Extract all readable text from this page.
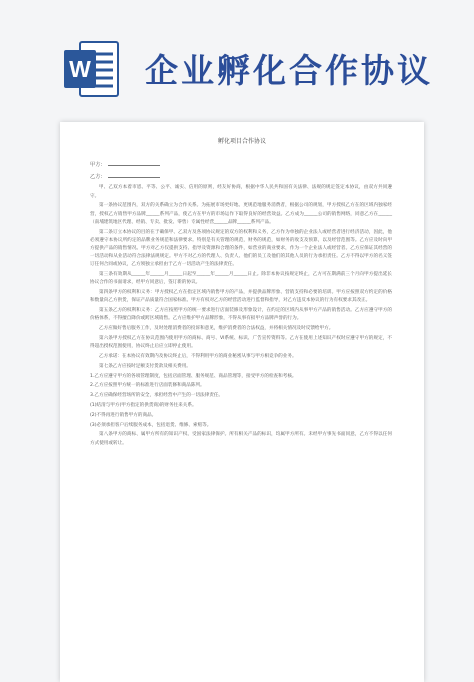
W 企业孵化合作协议
孵化项目合作协议
甲方：
乙方：

甲、乙双方本着市恩、平等、公平、诚实、信用的原则，经友好协商，根据中华人民共和国有关法律、法规的规定签定本协议，由双方共同遵守。

第一条协议范围内，双方的关系确立为合作关系。为拓展市场更好地、更规范地服务消费者，根据公司的规划，甲方授权乙方在的区域内独家经营，授权乙方销售甲方品牌______系列产品，使乙方在甲方的市场运作下取得良好的经营效益。乙方成为______公司的销售网络，同意乙方在______（南埔建筑地区代理、经销、专卖、批发、零售）专属性经营______品牌______系列产品。

第二条订立本协议的目的在于确保甲、乙双方及各项协议规定的双方的权利和义务，乙方作为单独的企业法人或经营者进行经济活动，因此，他必须遵守本协议所约定的品牌业务规范和法律要求。特别是有关管理的规范，财务的规范，如财务的收支及预算，以及经营范围等。乙方应及时向甲方提供产品的销售情况。甲方对乙方仅提供支持、指导及资源和合理的条件，如营业的商业要求，作为一个企业法人或经营者。乙方应保证其经营的一切活动和从业活动符合法律法规规定。甲方不对乙方的代理人、负责人、他们的员工及他们的其他人员的行为承担责任。乙方不得以甲方的名义签订任何合同或协议，乙方须独立承担由于乙方一切活动产生的法律责任。

第三条有效期从______年______月______日起至______年______月______日止。除非本协议按规定终止，乙方可在期满前三个月向甲方提出延长协议合作的书面请求，经甲方同意后，签订新的协议。

第四条甲方的权利和义务：甲方授权乙方在指定区域内销售甲方的产品，并提供品牌形象、营销支持和必要的培训。甲方应按照双方约定的价格和数量向乙方供货，保证产品质量符合国家标准。甲方有权对乙方的经营活动进行监督和指导，对乙方违反本协议的行为有权要求其改正。

第五条乙方的权利和义务：乙方应按照甲方的统一要求进行店面装修及形象设计，在约定的区域内从事甲方产品的销售活动。乙方应遵守甲方的价格体系，不得擅自降价或跨区域销售。乙方应维护甲方品牌形象，不得从事有损甲方品牌声誉的行为。

乙方应做好售后服务工作，及时处理消费者的投诉和意见，维护消费者的合法权益，并将相关情况及时反馈给甲方。

第六条甲方授权乙方在协议范围内使用甲方的商标、商号、VI系统、标识、广告宣传资料等。乙方在使用上述知识产权时应遵守甲方的规定，不得超出授权范围使用，协议终止后应立即停止使用。

乙方承诺：在本协议有效期内及协议终止后，不得利用甲方的商业秘密从事与甲方相竞争的业务。

第七条乙方应按时足额支付货款及相关费用。

1.乙方应遵守甲方的各项管理制度，包括店面管理、服务规范、商品管理等，接受甲方的检查和考核。

2.乙方应按照甲方统一的标准进行店面装修和商品陈列。

3.乙方应确保经营场所的安全，承担经营中产生的一切法律责任。

(1)结清与甲方(甲方指定的供货商)的财务往来关系。

(2)不得再进行销售甲方的商品。

(3)必须承担客户后续服务成本，包括退货、维修、索赔等。

第八条甲方的商标、属甲方所有的知识产权、受国家法律保护。所有相关产品的标识，均属甲方所有。未经甲方事先书面同意，乙方不得以任何方式使用或转让。
